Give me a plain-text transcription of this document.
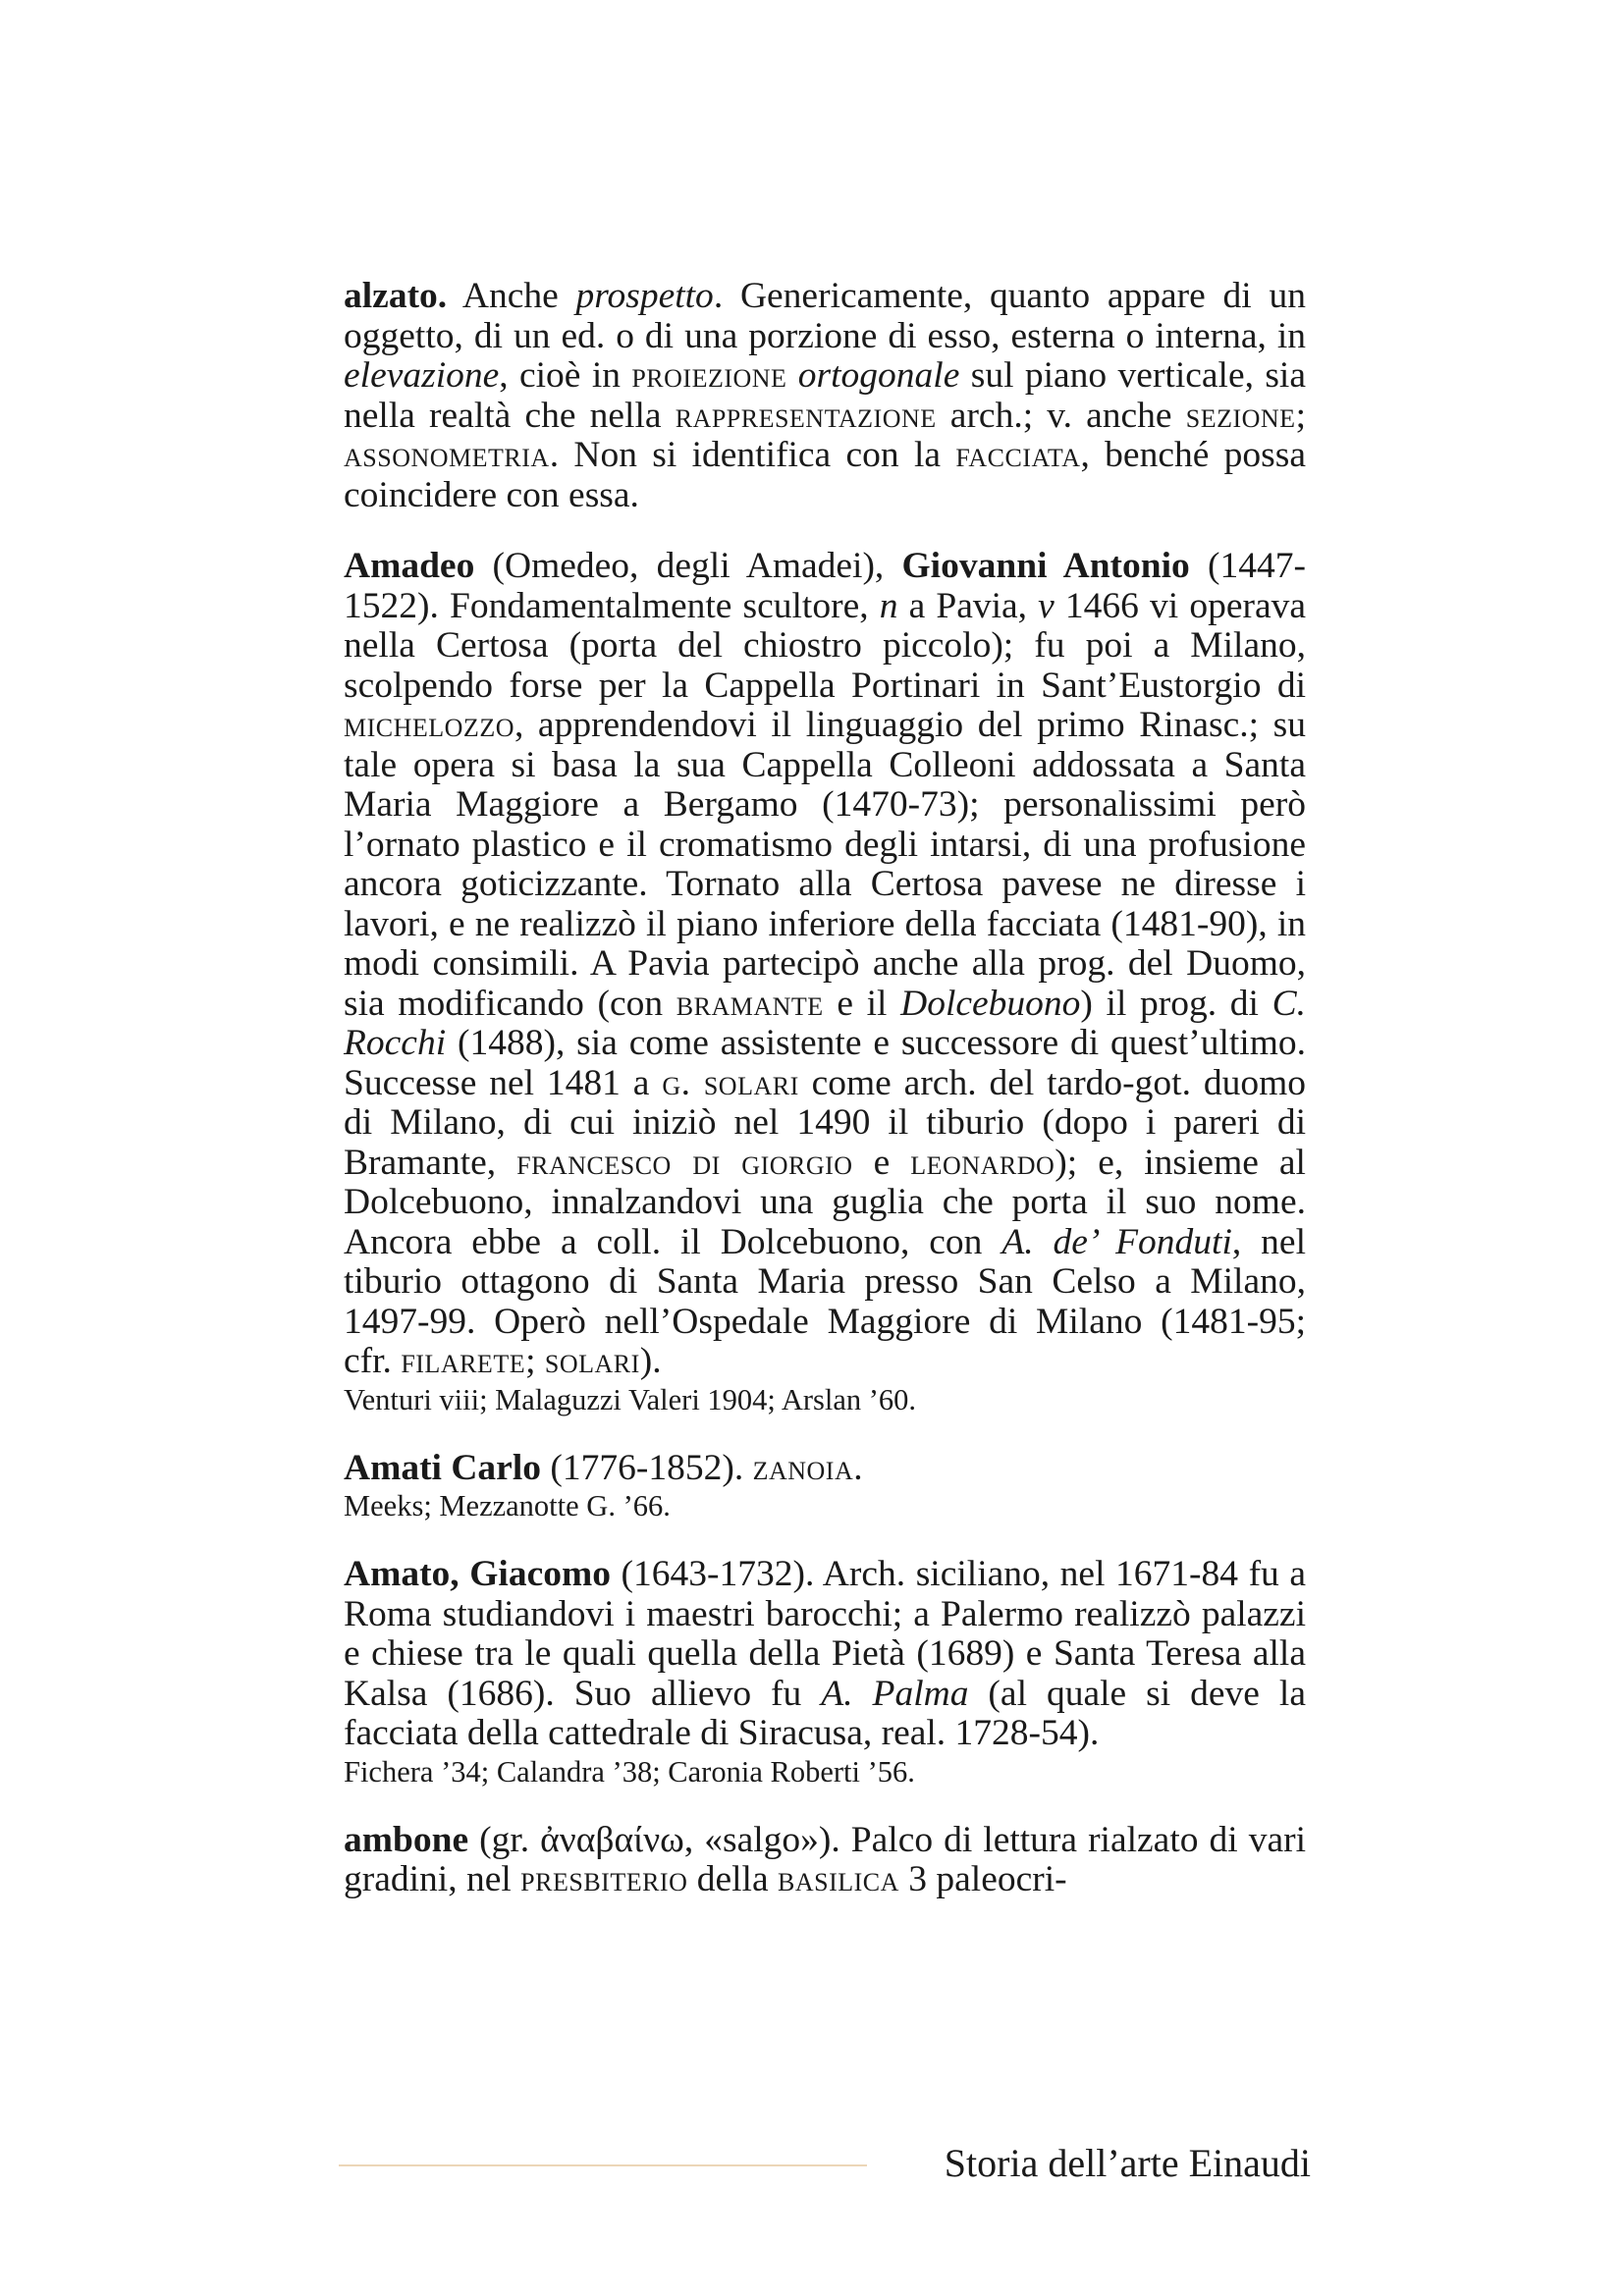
alzato. Anche prospetto. Genericamente, quanto appare di un oggetto, di un ed. o di una porzione di esso, esterna o interna, in elevazione, cioè in proiezione ortogonale sul piano verticale, sia nella realtà che nella rappresentazione arch.; v. anche sezione; assonometria. Non si identifica con la facciata, benché possa coincidere con essa.

Amadeo (Omedeo, degli Amadei), Giovanni Antonio (1447-1522). Fondamentalmente scultore, n a Pavia, v 1466 vi operava nella Certosa (porta del chiostro piccolo); fu poi a Milano, scolpendo forse per la Cappella Portinari in Sant’Eustorgio di michelozzo, apprendendovi il linguaggio del primo Rinasc.; su tale opera si basa la sua Cappella Colleoni addossata a Santa Maria Maggiore a Bergamo (1470-73); personalissimi però l’ornato plastico e il cromatismo degli intarsi, di una profusione ancora goticizzante. Tornato alla Certosa pavese ne diresse i lavori, e ne realizzò il piano inferiore della facciata (1481-90), in modi consimili. A Pavia partecipò anche alla prog. del Duomo, sia modificando (con bramante e il Dolcebuono) il prog. di C. Rocchi (1488), sia come assistente e successore di quest’ultimo. Successe nel 1481 a g. solari come arch. del tardo-got. duomo di Milano, di cui iniziò nel 1490 il tiburio (dopo i pareri di Bramante, francesco di giorgio e leonardo); e, insieme al Dolcebuono, innalzandovi una guglia che porta il suo nome. Ancora ebbe a coll. il Dolcebuono, con A. de’ Fonduti, nel tiburio ottagono di Santa Maria presso San Celso a Milano, 1497-99. Operò nell’Ospedale Maggiore di Milano (1481-95; cfr. filarete; solari).

Venturi viii; Malaguzzi Valeri 1904; Arslan ’60.

Amati Carlo (1776-1852). zanoia.

Meeks; Mezzanotte G. ’66.

Amato, Giacomo (1643-1732). Arch. siciliano, nel 1671-84 fu a Roma studiandovi i maestri barocchi; a Palermo realizzò palazzi e chiese tra le quali quella della Pietà (1689) e Santa Teresa alla Kalsa (1686). Suo allievo fu A. Palma (al quale si deve la facciata della cattedrale di Siracusa, real. 1728-54).

Fichera ’34; Calandra ’38; Caronia Roberti ’56.

ambone (gr. ἀναβαίνω, «salgo»). Palco di lettura rialzato di vari gradini, nel presbiterio della basilica 3 paleocri-

Storia dell’arte Einaudi
